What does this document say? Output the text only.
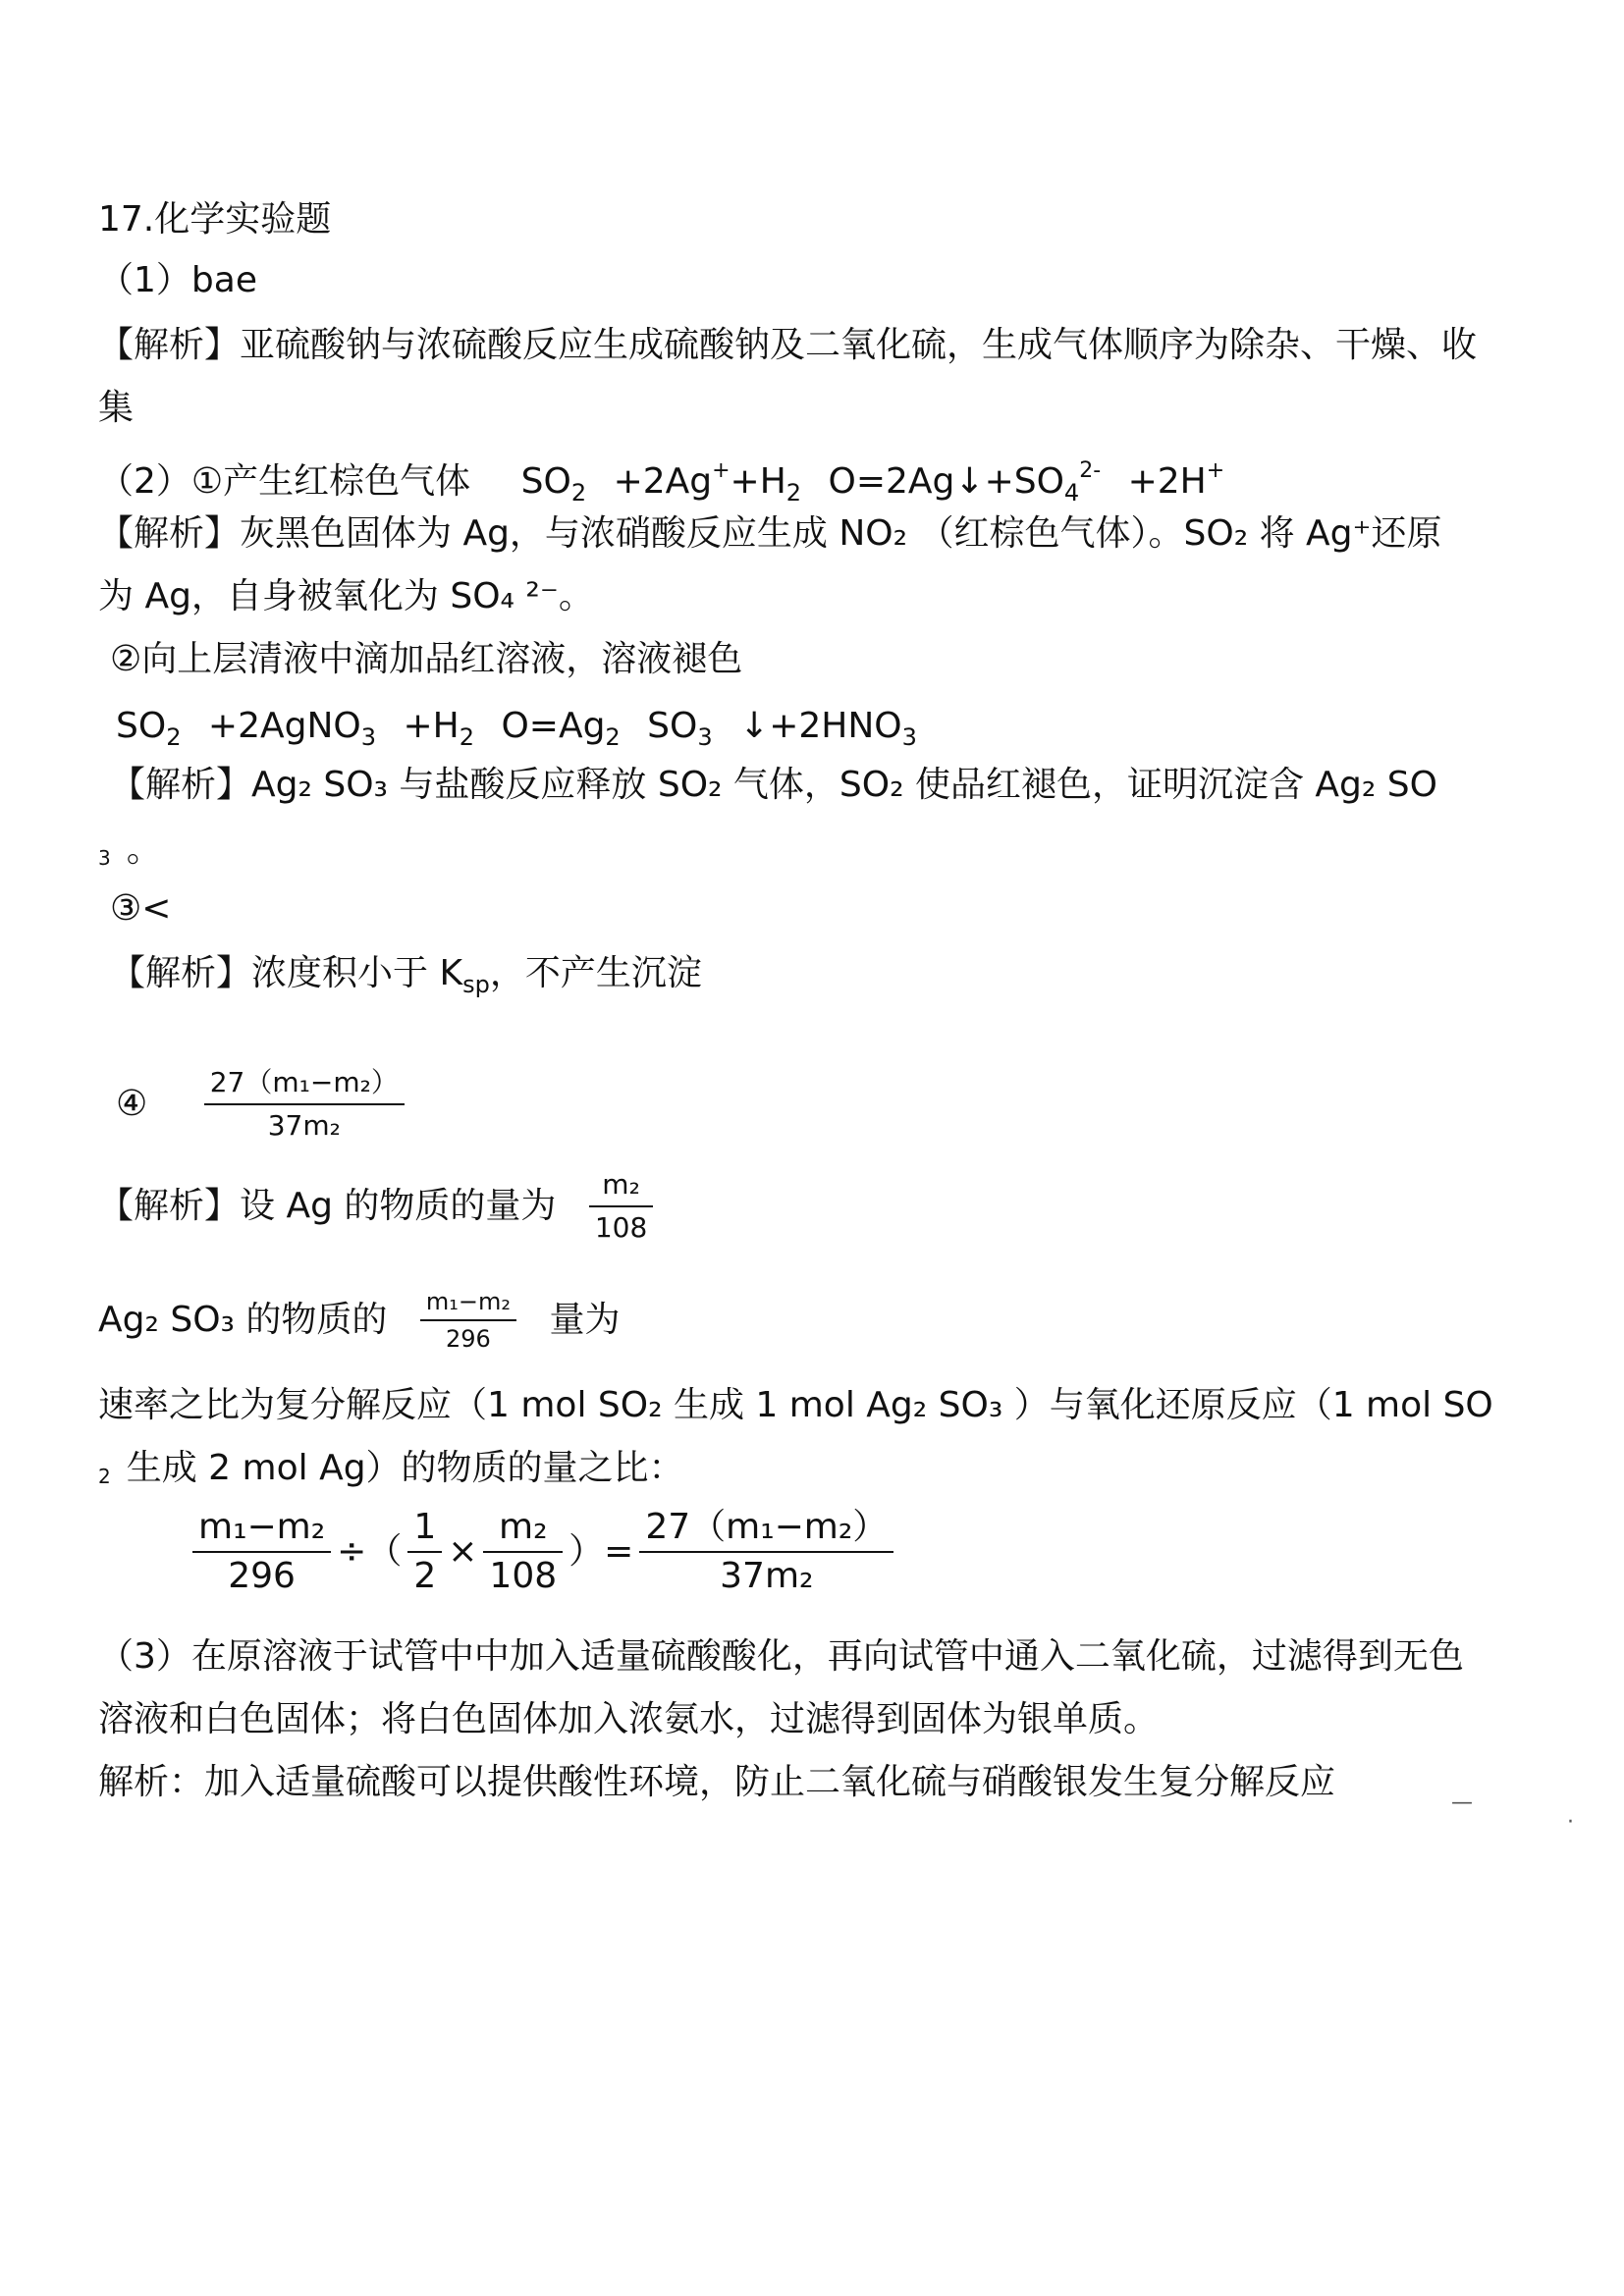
17.化学实验题
（1）bae
【解析】亚硫酸钠与浓硫酸反应生成硫酸钠及二氧化硫，生成气体顺序为除杂、干燥、收
集
（2）①产生红棕色气体 $SO_2 +2Ag^++H_2$ $O=2Ag↓+SO_4^{2-} +2H^+$
【解析】灰黑色固体为 Ag，与浓硝酸反应生成 NO₂ （红棕色气体）。SO₂ 将 Ag⁺还原
为 Ag，自身被氧化为 SO₄ ²⁻。
②向上层清液中滴加品红溶液，溶液褪色
$SO_2$ +2AgNO$_3$ $+H_2$ $O=Ag_2$ $SO_3$ $↓+2HNO_3$
【解析】Ag₂ SO₃ 与盐酸反应释放 SO₂ 气体，SO₂ 使品红褪色，证明沉淀含 Ag₂ SO
3 。
③<
【解析】浓度积小于 $K_{sp}$，不产生沉淀
④ $\frac{\text{27（m₁−m₂）}}{\text{37m₂}}$
【解析】设 Ag 的物质的量为 $\frac{\text{m₂}}{108}$
Ag₂ SO₃ 的物质的 $\frac{\text{m₁−m₂}}{296}$ 量为
速率之比为复分解反应（1 mol SO₂ 生成 1 mol Ag₂ SO₃ ）与氧化还原反应（1 mol SO
2 生成 2 mol Ag）的物质的量之比：
$\frac{\text{m₁−m₂}}{296}$ ÷（ $\frac{1}{2} \times \frac{\text{m₂}}{108}$ ）= $\frac{\text{27（m₁−m₂）}}{\text{37m₂}}$
（3）在原溶液于试管中中加入适量硫酸酸化，再向试管中通入二氧化硫，过滤得到无色
溶液和白色固体；将白色固体加入浓氨水，过滤得到固体为银单质。
解析：加入适量硫酸可以提供酸性环境，防止二氧化硫与硝酸银发生复分解反应
—
·
